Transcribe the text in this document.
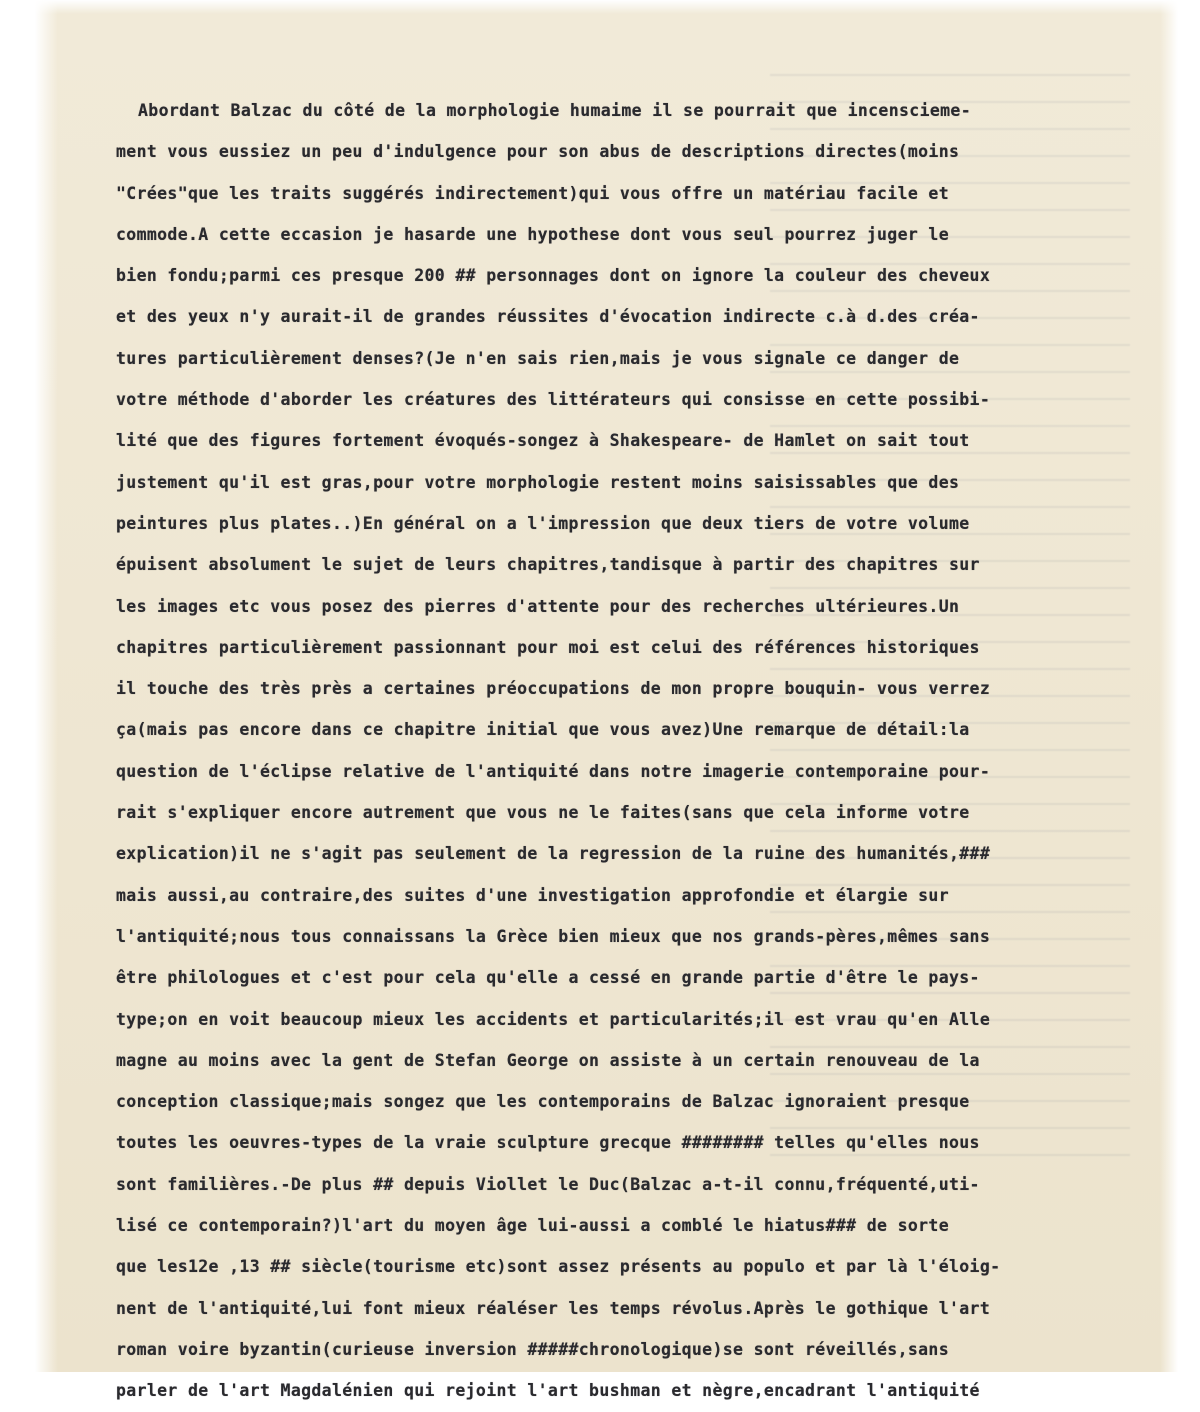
Abordant Balzac du côté de la morphologie humaime il se pourrait que incenscieme-
ment vous eussiez un peu d'indulgence pour son abus de descriptions directes(moins
"Crées"que les traits suggérés indirectement)qui vous offre un matériau facile et
commode.A cette eccasion je hasarde une hypothese dont vous seul pourrez juger le
bien fondu;parmi ces presque 200 ## personnages dont on ignore la couleur des cheveux
et des yeux n'y aurait-il de grandes réussites d'évocation indirecte c.à d.des créa-
tures particulièrement denses?(Je n'en sais rien,mais je vous signale ce danger de
votre méthode d'aborder les créatures des littérateurs qui consisse en cette possibi-
lité que des figures fortement évoqués-songez à Shakespeare- de Hamlet on sait tout
justement qu'il est gras,pour votre morphologie restent moins saisissables que des
peintures plus plates..)En général on a l'impression que deux tiers de votre volume
épuisent absolument le sujet de leurs chapitres,tandisque à partir des chapitres sur
les images etc vous posez des pierres d'attente pour des recherches ultérieures.Un
chapitres particulièrement passionnant pour moi est celui des références historiques
il touche des très près a certaines préoccupations de mon propre bouquin- vous verrez
ça(mais pas encore dans ce chapitre initial que vous avez)Une remarque de détail:la
question de l'éclipse relative de l'antiquité dans notre imagerie contemporaine pour-
rait s'expliquer encore autrement que vous ne le faites(sans que cela informe votre
explication)il ne s'agit pas seulement de la regression de la ruine des humanités,###
mais aussi,au contraire,des suites d'une investigation approfondie et élargie sur
l'antiquité;nous tous connaissans la Grèce bien mieux que nos grands-pères,mêmes sans
être philologues et c'est pour cela qu'elle a cessé en grande partie d'être le pays-
type;on en voit beaucoup mieux les accidents et particularités;il est vrau qu'en Alle
magne au moins avec la gent de Stefan George on assiste à un certain renouveau de la
conception classique;mais songez que les contemporains de Balzac ignoraient presque
toutes les oeuvres-types de la vraie sculpture grecque ######## telles qu'elles nous
sont familières.-De plus ## depuis Viollet le Duc(Balzac a-t-il connu,fréquenté,uti-
lisé ce contemporain?)l'art du moyen âge lui-aussi a comblé le hiatus### de sorte
que les12e ,13 ## siècle(tourisme etc)sont assez présents au populo et par là l'éloig-
nent de l'antiquité,lui font mieux réaléser les temps révolus.Après le gothique l'art
roman voire byzantin(curieuse inversion #####chronologique)se sont réveillés,sans
parler de l'art Magdalénien qui rejoint l'art bushman et nègre,encadrant l'antiquité
